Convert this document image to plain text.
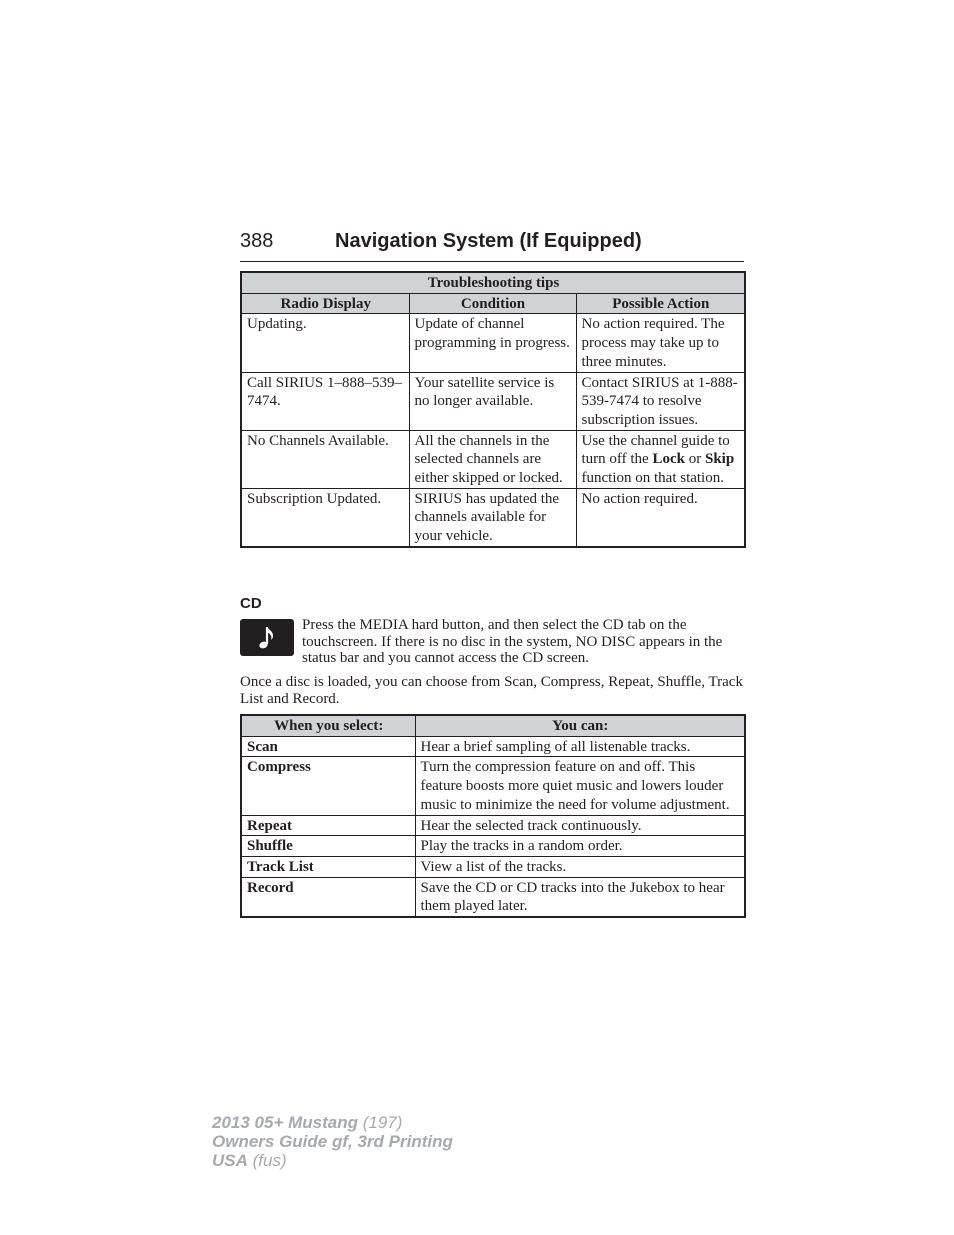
388	Navigation System (If Equipped)
Troubleshooting tips		
Radio Display	Condition	Possible Action
Updating.	Update of channel programming in progress.	No action required. The process may take up to three minutes.
Call SIRIUS 1–888–539–7474.	Your satellite service is no longer available.	Contact SIRIUS at 1-888-539-7474 to resolve subscription issues.
No Channels Available.	All the channels in the selected channels are either skipped or locked.	Use the channel guide to turn off the Lock or Skip function on that station.
Subscription Updated.	SIRIUS has updated the channels available for your vehicle.	No action required.
CD
Press the MEDIA hard button, and then select the CD tab on the touchscreen. If there is no disc in the system, NO DISC appears in the status bar and you cannot access the CD screen.
Once a disc is loaded, you can choose from Scan, Compress, Repeat, Shuffle, Track List and Record.
When you select:	You can:
Scan	Hear a brief sampling of all listenable tracks.
Compress	Turn the compression feature on and off. This feature boosts more quiet music and lowers louder music to minimize the need for volume adjustment.
Repeat	Hear the selected track continuously.
Shuffle	Play the tracks in a random order.
Track List	View a list of the tracks.
Record	Save the CD or CD tracks into the Jukebox to hear them played later.
2013 05+ Mustang (197)
Owners Guide gf, 3rd Printing
USA (fus)
